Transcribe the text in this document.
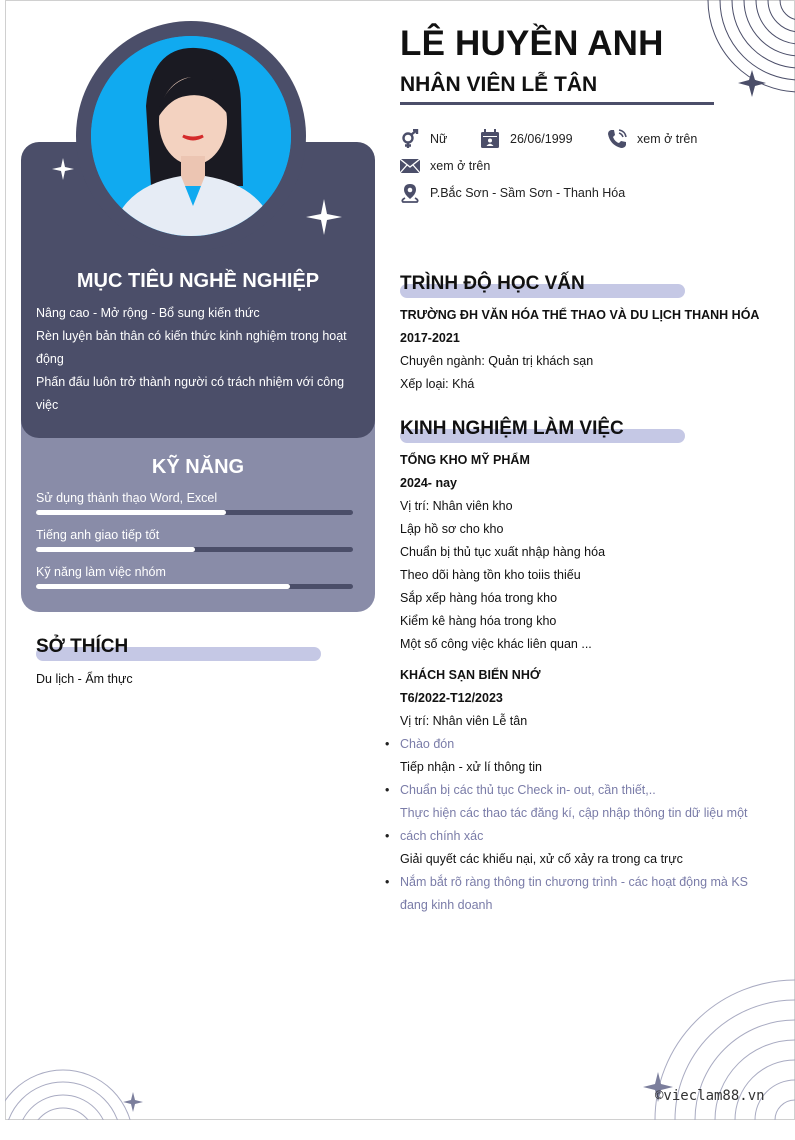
MỤC TIÊU NGHỀ NGHIỆP
Nâng cao - Mở rộng - Bổ sung kiến thức
Rèn luyện bản thân có kiến thức kinh nghiệm trong hoạt
động
Phấn đấu luôn trở thành người có trách nhiệm với công
việc
KỸ NĂNG
Sử dụng thành thạo Word, Excel
Tiếng anh giao tiếp tốt
Kỹ năng làm việc nhóm
SỞ THÍCH
Du lịch - Ẩm thực
LÊ HUYỀN ANH
NHÂN VIÊN LỄ TÂN
Nữ	26/06/1999	xem ở trên
xem ở trên
P.Bắc Sơn - Sầm Sơn - Thanh Hóa
TRÌNH ĐỘ HỌC VẤN
TRƯỜNG ĐH VĂN HÓA THỂ THAO VÀ DU LỊCH THANH HÓA
2017-2021
Chuyên ngành: Quản trị khách sạn
Xếp loại: Khá
KINH NGHIỆM LÀM VIỆC
TỔNG KHO MỸ PHẨM
2024- nay
Vị trí: Nhân viên kho
Lập hồ sơ cho kho
Chuẩn bị thủ tục xuất nhập hàng hóa
Theo dõi hàng tồn kho toiis thiếu
Sắp xếp hàng hóa trong kho
Kiểm kê hàng hóa trong kho
Một số công việc khác liên quan ...
KHÁCH SẠN BIỂN NHỚ
T6/2022-T12/2023
Vị trí: Nhân viên Lễ tân
• Chào đón
Tiếp nhận - xử lí thông tin
• Chuẩn bị các thủ tục Check in- out, cần thiết,..
Thực hiện các thao tác đăng kí, cập nhập thông tin dữ liệu một
• cách chính xác
Giải quyết các khiếu nại, xử cố xảy ra trong ca trực
• Nắm bắt rõ ràng thông tin chương trình - các hoạt động mà KS
đang kinh doanh
©vieclam88.vn
